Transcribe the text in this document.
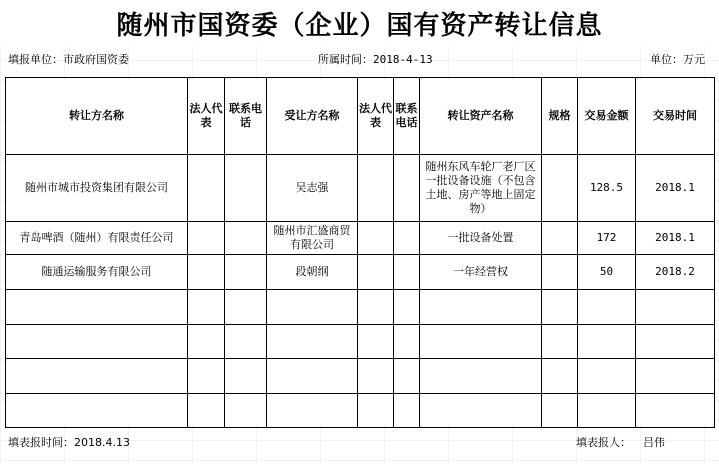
随州市国资委（企业）国有资产转让信息
填报单位：市政府国资委	所属时间：2018-4-13	单位：万元
转让方名称	法人代表	联系电话	受让方名称	法人代表	联系电话	转让资产名称	规格	交易金额	交易时间
随州市城市投资集团有限公司			吴志强			随州东风车轮厂老厂区一批设备设施（不包含土地、房产等地上固定物）		128.5	2018.1
青岛啤酒（随州）有限责任公司			随州市汇盛商贸有限公司			一批设备处置		172	2018.1
随通运输服务有限公司			段朝纲			一年经营权		50	2018.2

填表报时间：2018.4.13	填表报人： 吕伟
